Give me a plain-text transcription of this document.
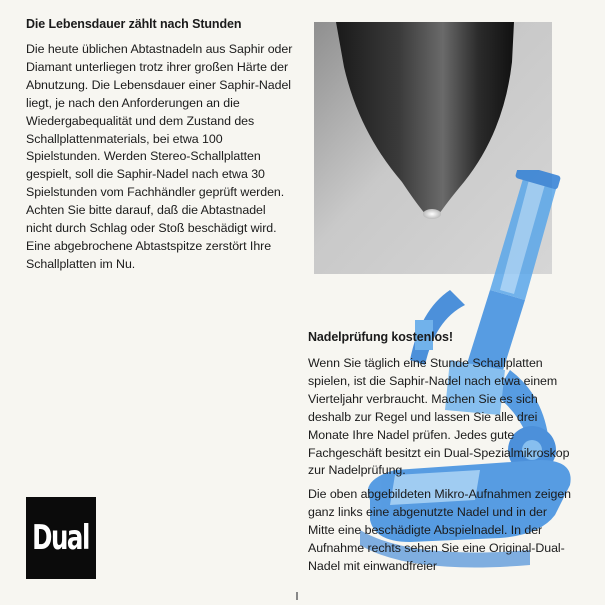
Die Lebensdauer zählt nach Stunden

Die heute üblichen Abtastnadeln aus Saphir oder Diamant unterliegen trotz ihrer großen Härte der Abnutzung. Die Lebensdauer einer Saphir-Nadel liegt, je nach den Anforderungen an die Wiedergabequalität und dem Zustand des Schallplattenmaterials, bei etwa 100 Spielstunden. Werden Stereo-Schallplatten gespielt, soll die Saphir-Nadel nach etwa 30 Spielstunden vom Fachhändler geprüft werden. Achten Sie bitte darauf, daß die Abtastnadel nicht durch Schlag oder Stoß beschädigt wird. Eine abgebrochene Abtastspitze zerstört Ihre Schallplatten im Nu.

Nadelprüfung kostenlos!

Wenn Sie täglich eine Stunde Schallplatten spielen, ist die Saphir-Nadel nach etwa einem Vierteljahr verbraucht. Machen Sie es sich deshalb zur Regel und lassen Sie alle drei Monate Ihre Nadel prüfen. Jedes gute Fachgeschäft besitzt ein Dual-Spezialmikroskop zur Nadelprüfung.

Die oben abgebildeten Mikro-Aufnahmen zeigen ganz links eine abgenutzte Nadel und in der Mitte eine beschädigte Abspielnadel. In der Aufnahme rechts sehen Sie eine Original-Dual-Nadel mit einwandfreier

Dual
